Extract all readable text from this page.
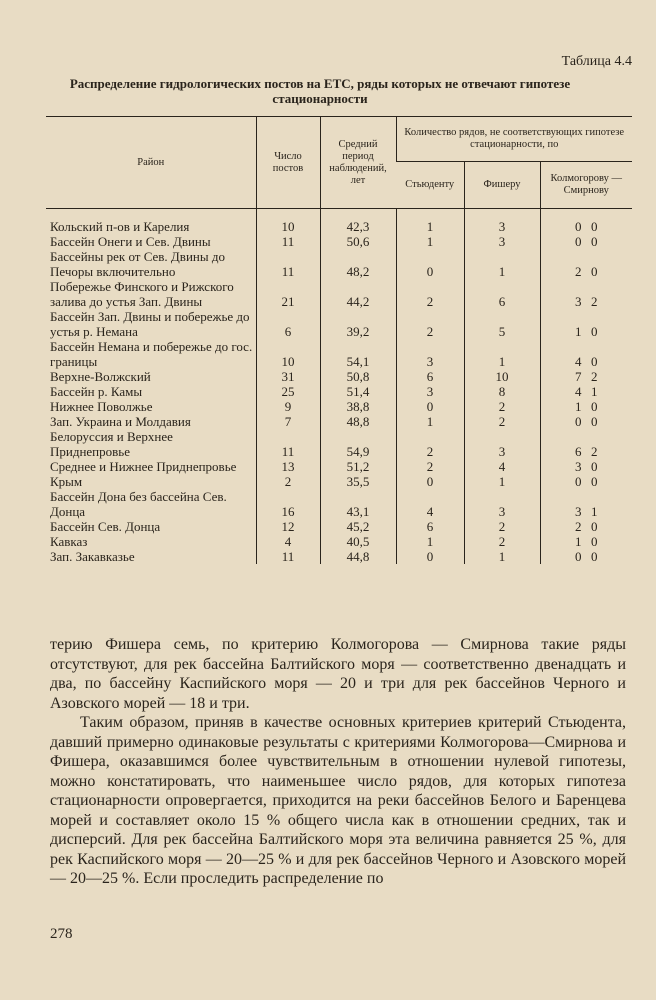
Таблица 4.4
Распределение гидрологических постов на ЕТС, ряды которых не отвечают гипотезе стационарности
Район	Число постов	Средний период наблюдений, лет	Количество рядов, не соответствующих гипотезе стационарности, по		
			Стьюденту	Фишеру	Колмогорову — Смирнову
Кольский п-ов и Карелия	10	42,3	1	3	0 0
Бассейн Онеги и Сев. Двины	11	50,6	1	3	0 0
Бассейны рек от Сев. Двины до Печоры включительно	11	48,2	0	1	2 0
Побережье Финского и Рижского залива до устья Зап. Двины	21	44,2	2	6	3 2
Бассейн Зап. Двины и побережье до устья р. Немана	6	39,2	2	5	1 0
Бассейн Немана и побережье до гос. границы	10	54,1	3	1	4 0
Верхне-Волжский	31	50,8	6	10	7 2
Бассейн р. Камы	25	51,4	3	8	4 1
Нижнее Поволжье	9	38,8	0	2	1 0
Зап. Украина и Молдавия	7	48,8	1	2	0 0
Белоруссия и Верхнее Приднепровье	11	54,9	2	3	6 2
Среднее и Нижнее Приднепровье	13	51,2	2	4	3 0
Крым	2	35,5	0	1	0 0
Бассейн Дона без бассейна Сев. Донца	16	43,1	4	3	3 1
Бассейн Сев. Донца	12	45,2	6	2	2 0
Кавказ	4	40,5	1	2	1 0
Зап. Закавказье	11	44,8	0	1	0 0

терию Фишера семь, по критерию Колмогорова — Смирнова такие ряды отсутствуют, для рек бассейна Балтийского моря — соответственно двенадцать и два, по бассейну Каспийского моря — 20 и три для рек бассейнов Черного и Азовского морей — 18 и три.

Таким образом, приняв в качестве основных критериев критерий Стьюдента, давший примерно одинаковые результаты с критериями Колмогорова—Смирнова и Фишера, оказавшимся более чувствительным в отношении нулевой гипотезы, можно констатировать, что наименьшее число рядов, для которых гипотеза стационарности опровергается, приходится на реки бассейнов Белого и Баренцева морей и составляет около 15 % общего числа как в отношении средних, так и дисперсий. Для рек бассейна Балтийского моря эта величина равняется 25 %, для рек Каспийского моря — 20—25 % и для рек бассейнов Черного и Азовского морей — 20—25 %. Если проследить распределение по

278
